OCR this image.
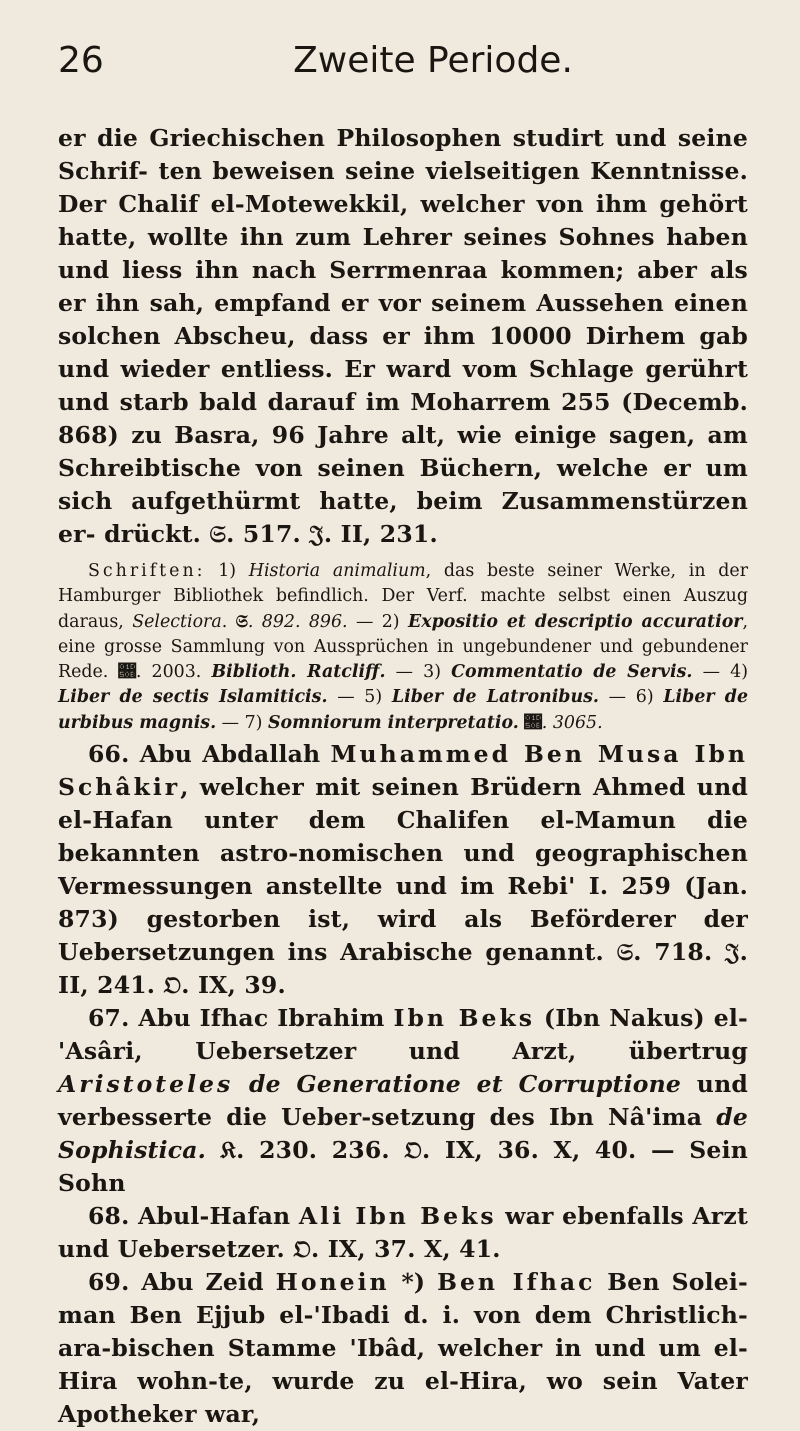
26	Zweite Periode.

er die Griechischen Philosophen studirt und seine Schrif- ten beweisen seine vielseitigen Kenntnisse. Der Chalif el-Motewekkil, welcher von ihm gehört hatte, wollte ihn zum Lehrer seines Sohnes haben und liess ihn nach Serrmenraa kommen; aber als er ihn sah, empfand er vor seinem Aussehen einen solchen Abscheu, dass er ihm 10000 Dirhem gab und wieder entliess. Er ward vom Schlage gerührt und starb bald darauf im Moharrem 255 (Decemb. 868) zu Basra, 96 Jahre alt, wie einige sagen, am Schreibtische von seinen Büchern, welche er um sich aufgethürmt hatte, beim Zusammenstürzen er- drückt. 𝔖. 517. 𝔍. II, 231.

Schriften: 1) Historia animalium, das beste seiner Werke, in der Hamburger Bibliothek befindlich. Der Verf. machte selbst einen Auszug daraus, Selectiora. 𝔖. 892. 896. — 2) Expositio et descriptio accuratior, eine grosse Sammlung von Aussprüchen in ungebundener und gebundener Rede. 𝔋. 2003. Biblioth. Ratcliff. — 3) Commentatio de Servis. — 4) Liber de sectis Islamiticis. — 5) Liber de Latronibus. — 6) Liber de urbibus magnis. — 7) Somniorum interpretatio. 𝔋. 3065.

66. Abu Abdallah Muhammed Ben Musa Ibn Schâkir, welcher mit seinen Brüdern Ahmed und el-Hafan unter dem Chalifen el-Mamun die bekannten astro-nomischen und geographischen Vermessungen anstellte und im Rebi' I. 259 (Jan. 873) gestorben ist, wird als Beförderer der Uebersetzungen ins Arabische genannt. 𝔖. 718. 𝔍. II, 241. 𝔒. IX, 39.

67. Abu Ifhac Ibrahim Ibn Beks (Ibn Nakus) el-'Asâri, Uebersetzer und Arzt, übertrug Aristoteles de Generatione et Corruptione und verbesserte die Ueber-setzung des Ibn Nâ'ima de Sophistica. 𝔎. 230. 236. 𝔒. IX, 36. X, 40. — Sein Sohn

68. Abul-Hafan Ali Ibn Beks war ebenfalls Arzt und Uebersetzer. 𝔒. IX, 37. X, 41.

69. Abu Zeid Honein *) Ben Ifhac Ben Solei-man Ben Ejjub el-'Ibadi d. i. von dem Christlich-ara-bischen Stamme 'Ibâd, welcher in und um el-Hira wohn-te, wurde zu el-Hira, wo sein Vater Apotheker war,
